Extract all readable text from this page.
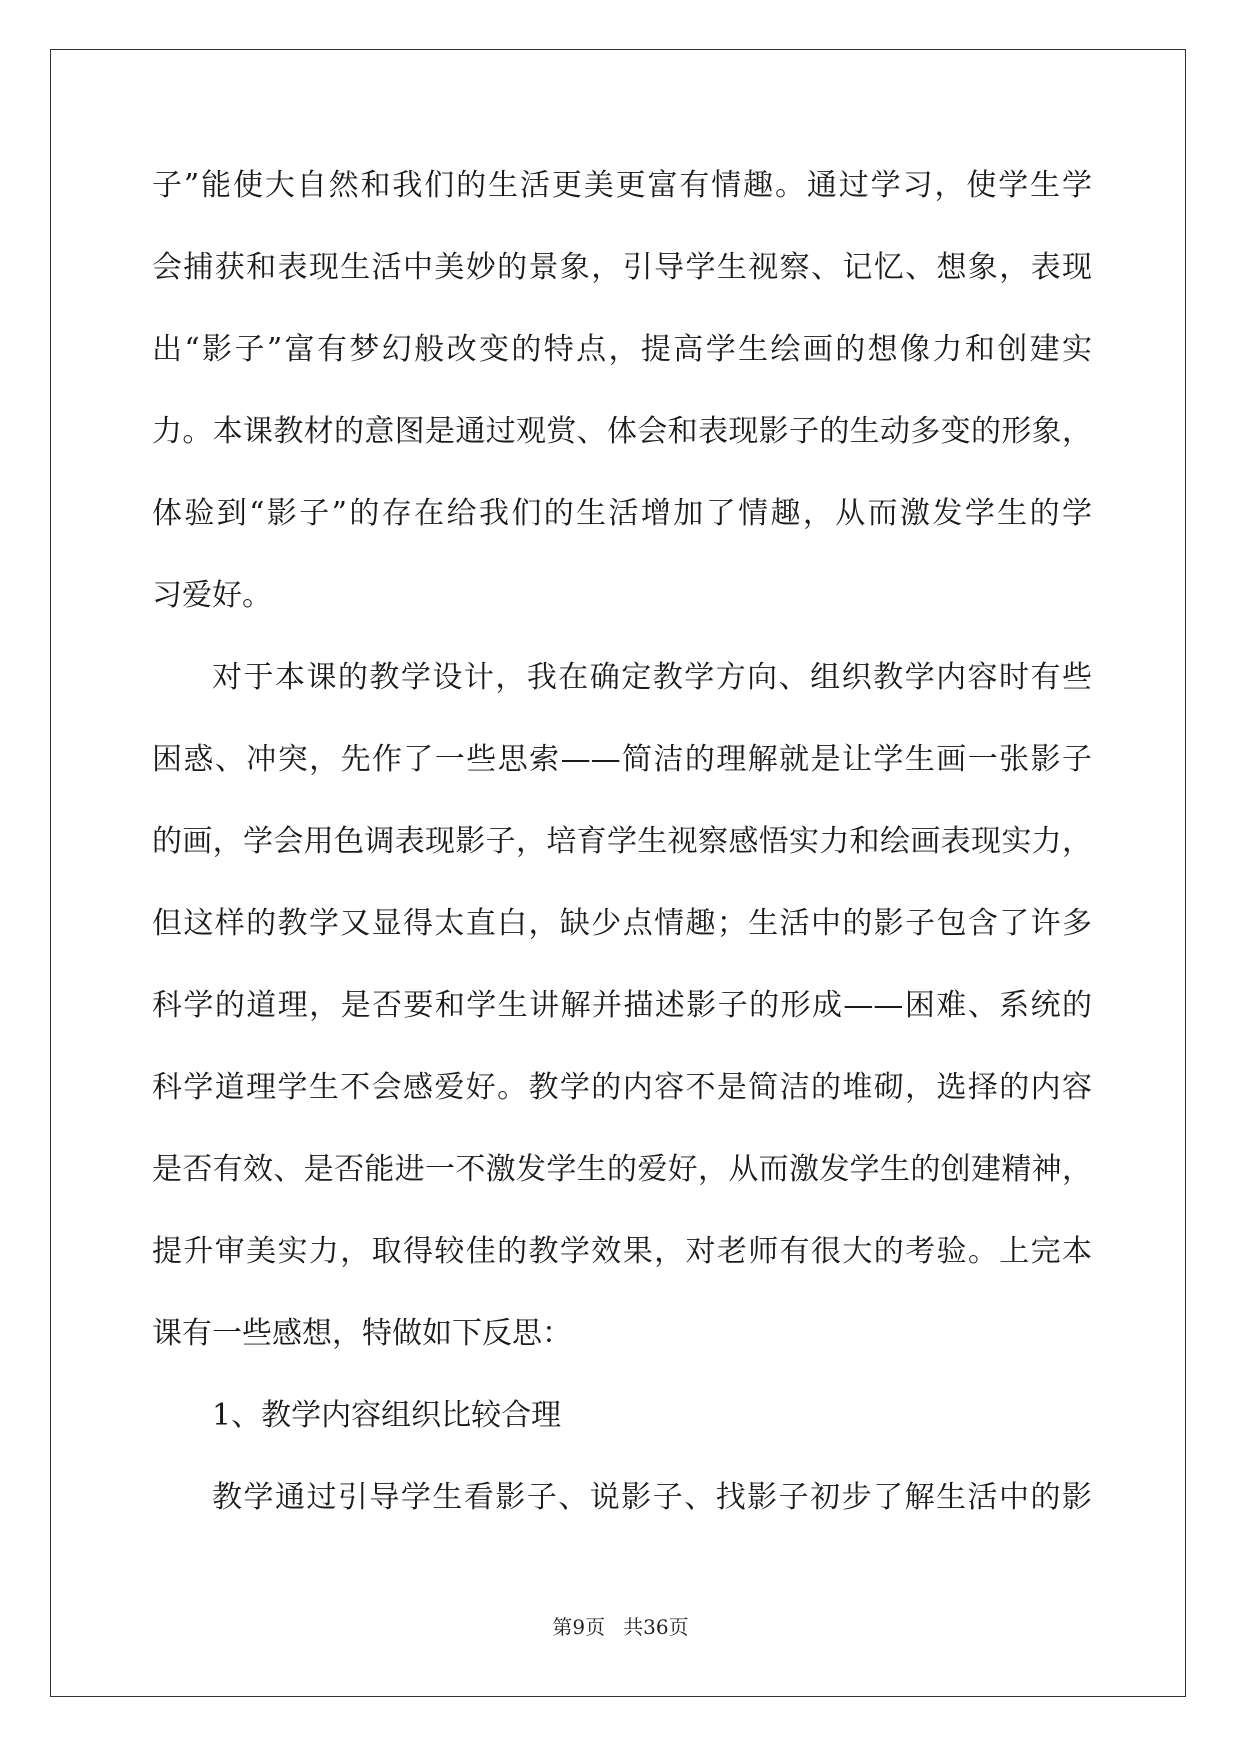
子”能使大自然和我们的生活更美更富有情趣。通过学习，使学生学
会捕获和表现生活中美妙的景象，引导学生视察、记忆、想象，表现
出“影子”富有梦幻般改变的特点，提高学生绘画的想像力和创建实
力。本课教材的意图是通过观赏、体会和表现影子的生动多变的形象，
体验到“影子”的存在给我们的生活增加了情趣，从而激发学生的学
习爱好。
对于本课的教学设计，我在确定教学方向、组织教学内容时有些
困惑、冲突，先作了一些思索——简洁的理解就是让学生画一张影子
的画，学会用色调表现影子，培育学生视察感悟实力和绘画表现实力，
但这样的教学又显得太直白，缺少点情趣；生活中的影子包含了许多
科学的道理，是否要和学生讲解并描述影子的形成——困难、系统的
科学道理学生不会感爱好。教学的内容不是简洁的堆砌，选择的内容
是否有效、是否能进一不激发学生的爱好，从而激发学生的创建精神，
提升审美实力，取得较佳的教学效果，对老师有很大的考验。上完本
课有一些感想，特做如下反思：
1、教学内容组织比较合理
教学通过引导学生看影子、说影子、找影子初步了解生活中的影
第9页 共36页
